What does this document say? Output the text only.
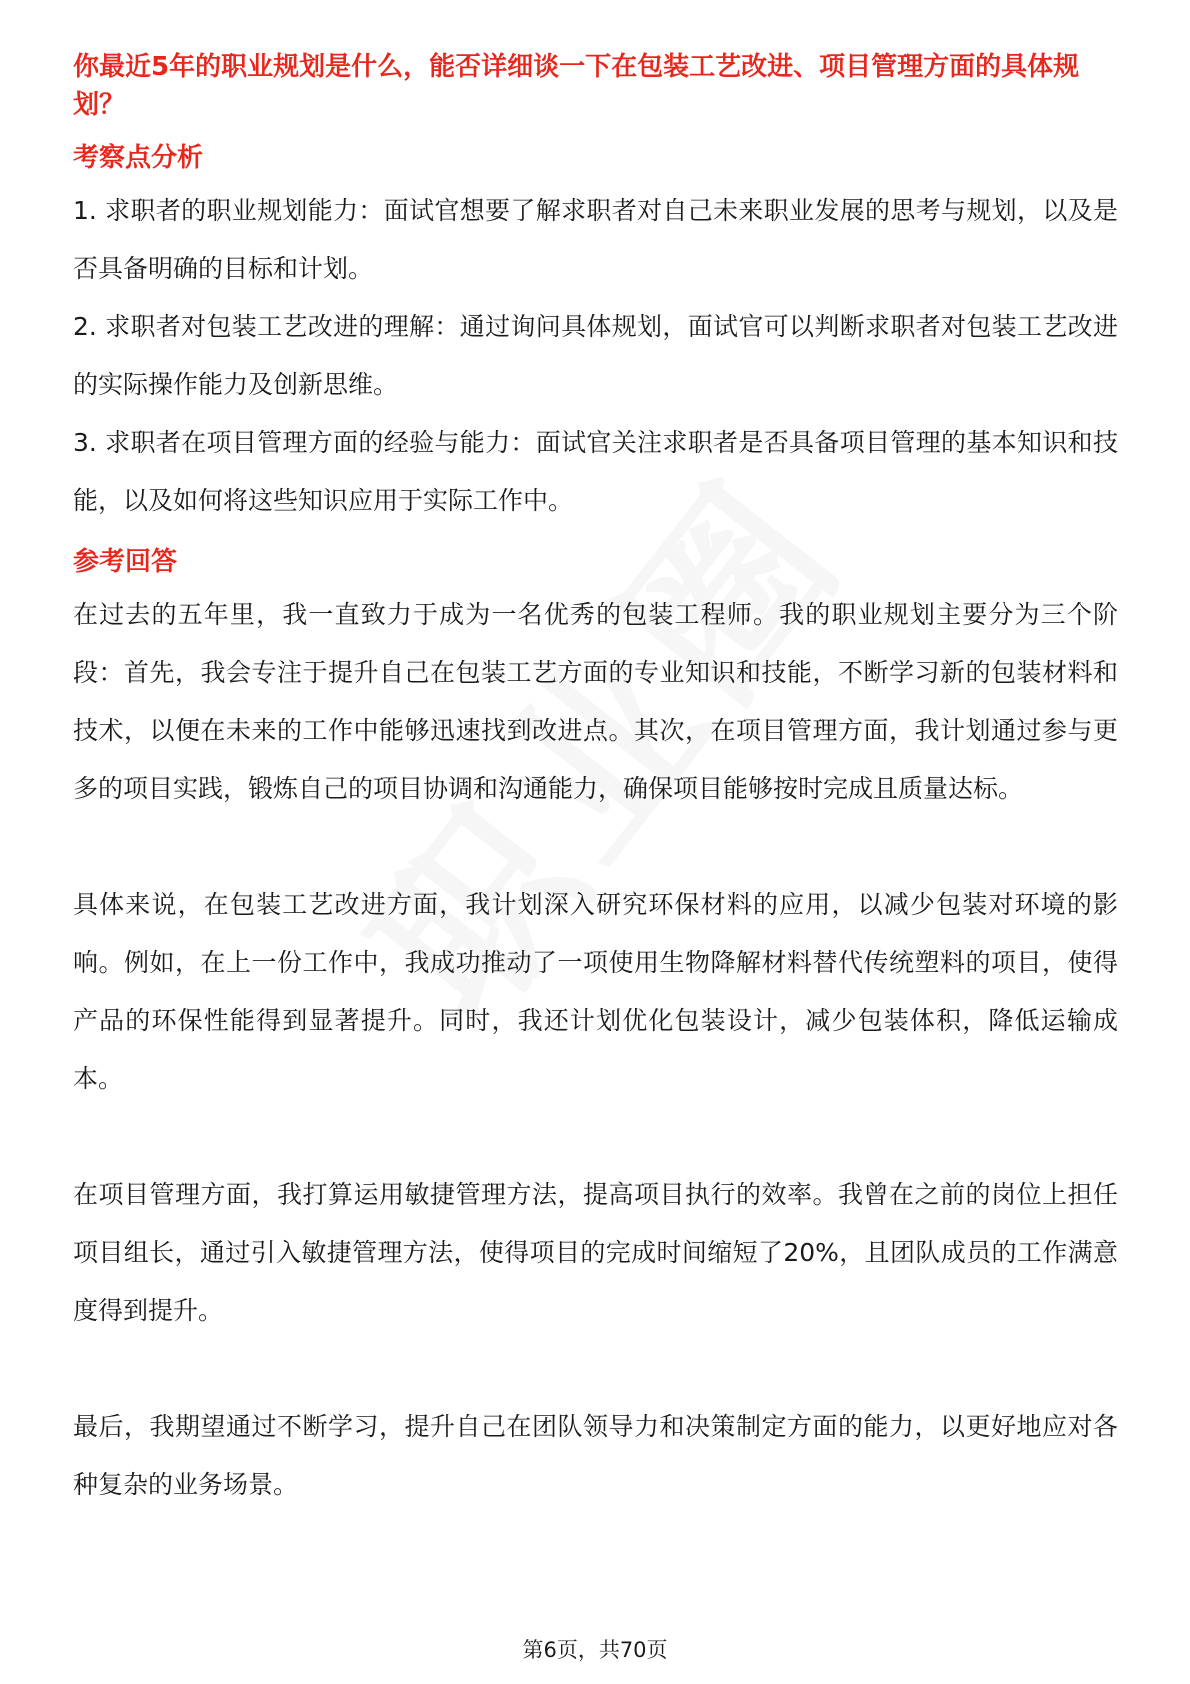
你最近5年的职业规划是什么，能否详细谈一下在包装工艺改进、项目管理方面的具体规划？

考察点分析

1. 求职者的职业规划能力：面试官想要了解求职者对自己未来职业发展的思考与规划，以及是否具备明确的目标和计划。

2. 求职者对包装工艺改进的理解：通过询问具体规划，面试官可以判断求职者对包装工艺改进的实际操作能力及创新思维。

3. 求职者在项目管理方面的经验与能力：面试官关注求职者是否具备项目管理的基本知识和技能，以及如何将这些知识应用于实际工作中。

参考回答

在过去的五年里，我一直致力于成为一名优秀的包装工程师。我的职业规划主要分为三个阶段：首先，我会专注于提升自己在包装工艺方面的专业知识和技能，不断学习新的包装材料和技术，以便在未来的工作中能够迅速找到改进点。其次，在项目管理方面，我计划通过参与更多的项目实践，锻炼自己的项目协调和沟通能力，确保项目能够按时完成且质量达标。

具体来说，在包装工艺改进方面，我计划深入研究环保材料的应用，以减少包装对环境的影响。例如，在上一份工作中，我成功推动了一项使用生物降解材料替代传统塑料的项目，使得产品的环保性能得到显著提升。同时，我还计划优化包装设计，减少包装体积，降低运输成本。

在项目管理方面，我打算运用敏捷管理方法，提高项目执行的效率。我曾在之前的岗位上担任项目组长，通过引入敏捷管理方法，使得项目的完成时间缩短了20%，且团队成员的工作满意度得到提升。

最后，我期望通过不断学习，提升自己在团队领导力和决策制定方面的能力，以更好地应对各种复杂的业务场景。

第6页，共70页
